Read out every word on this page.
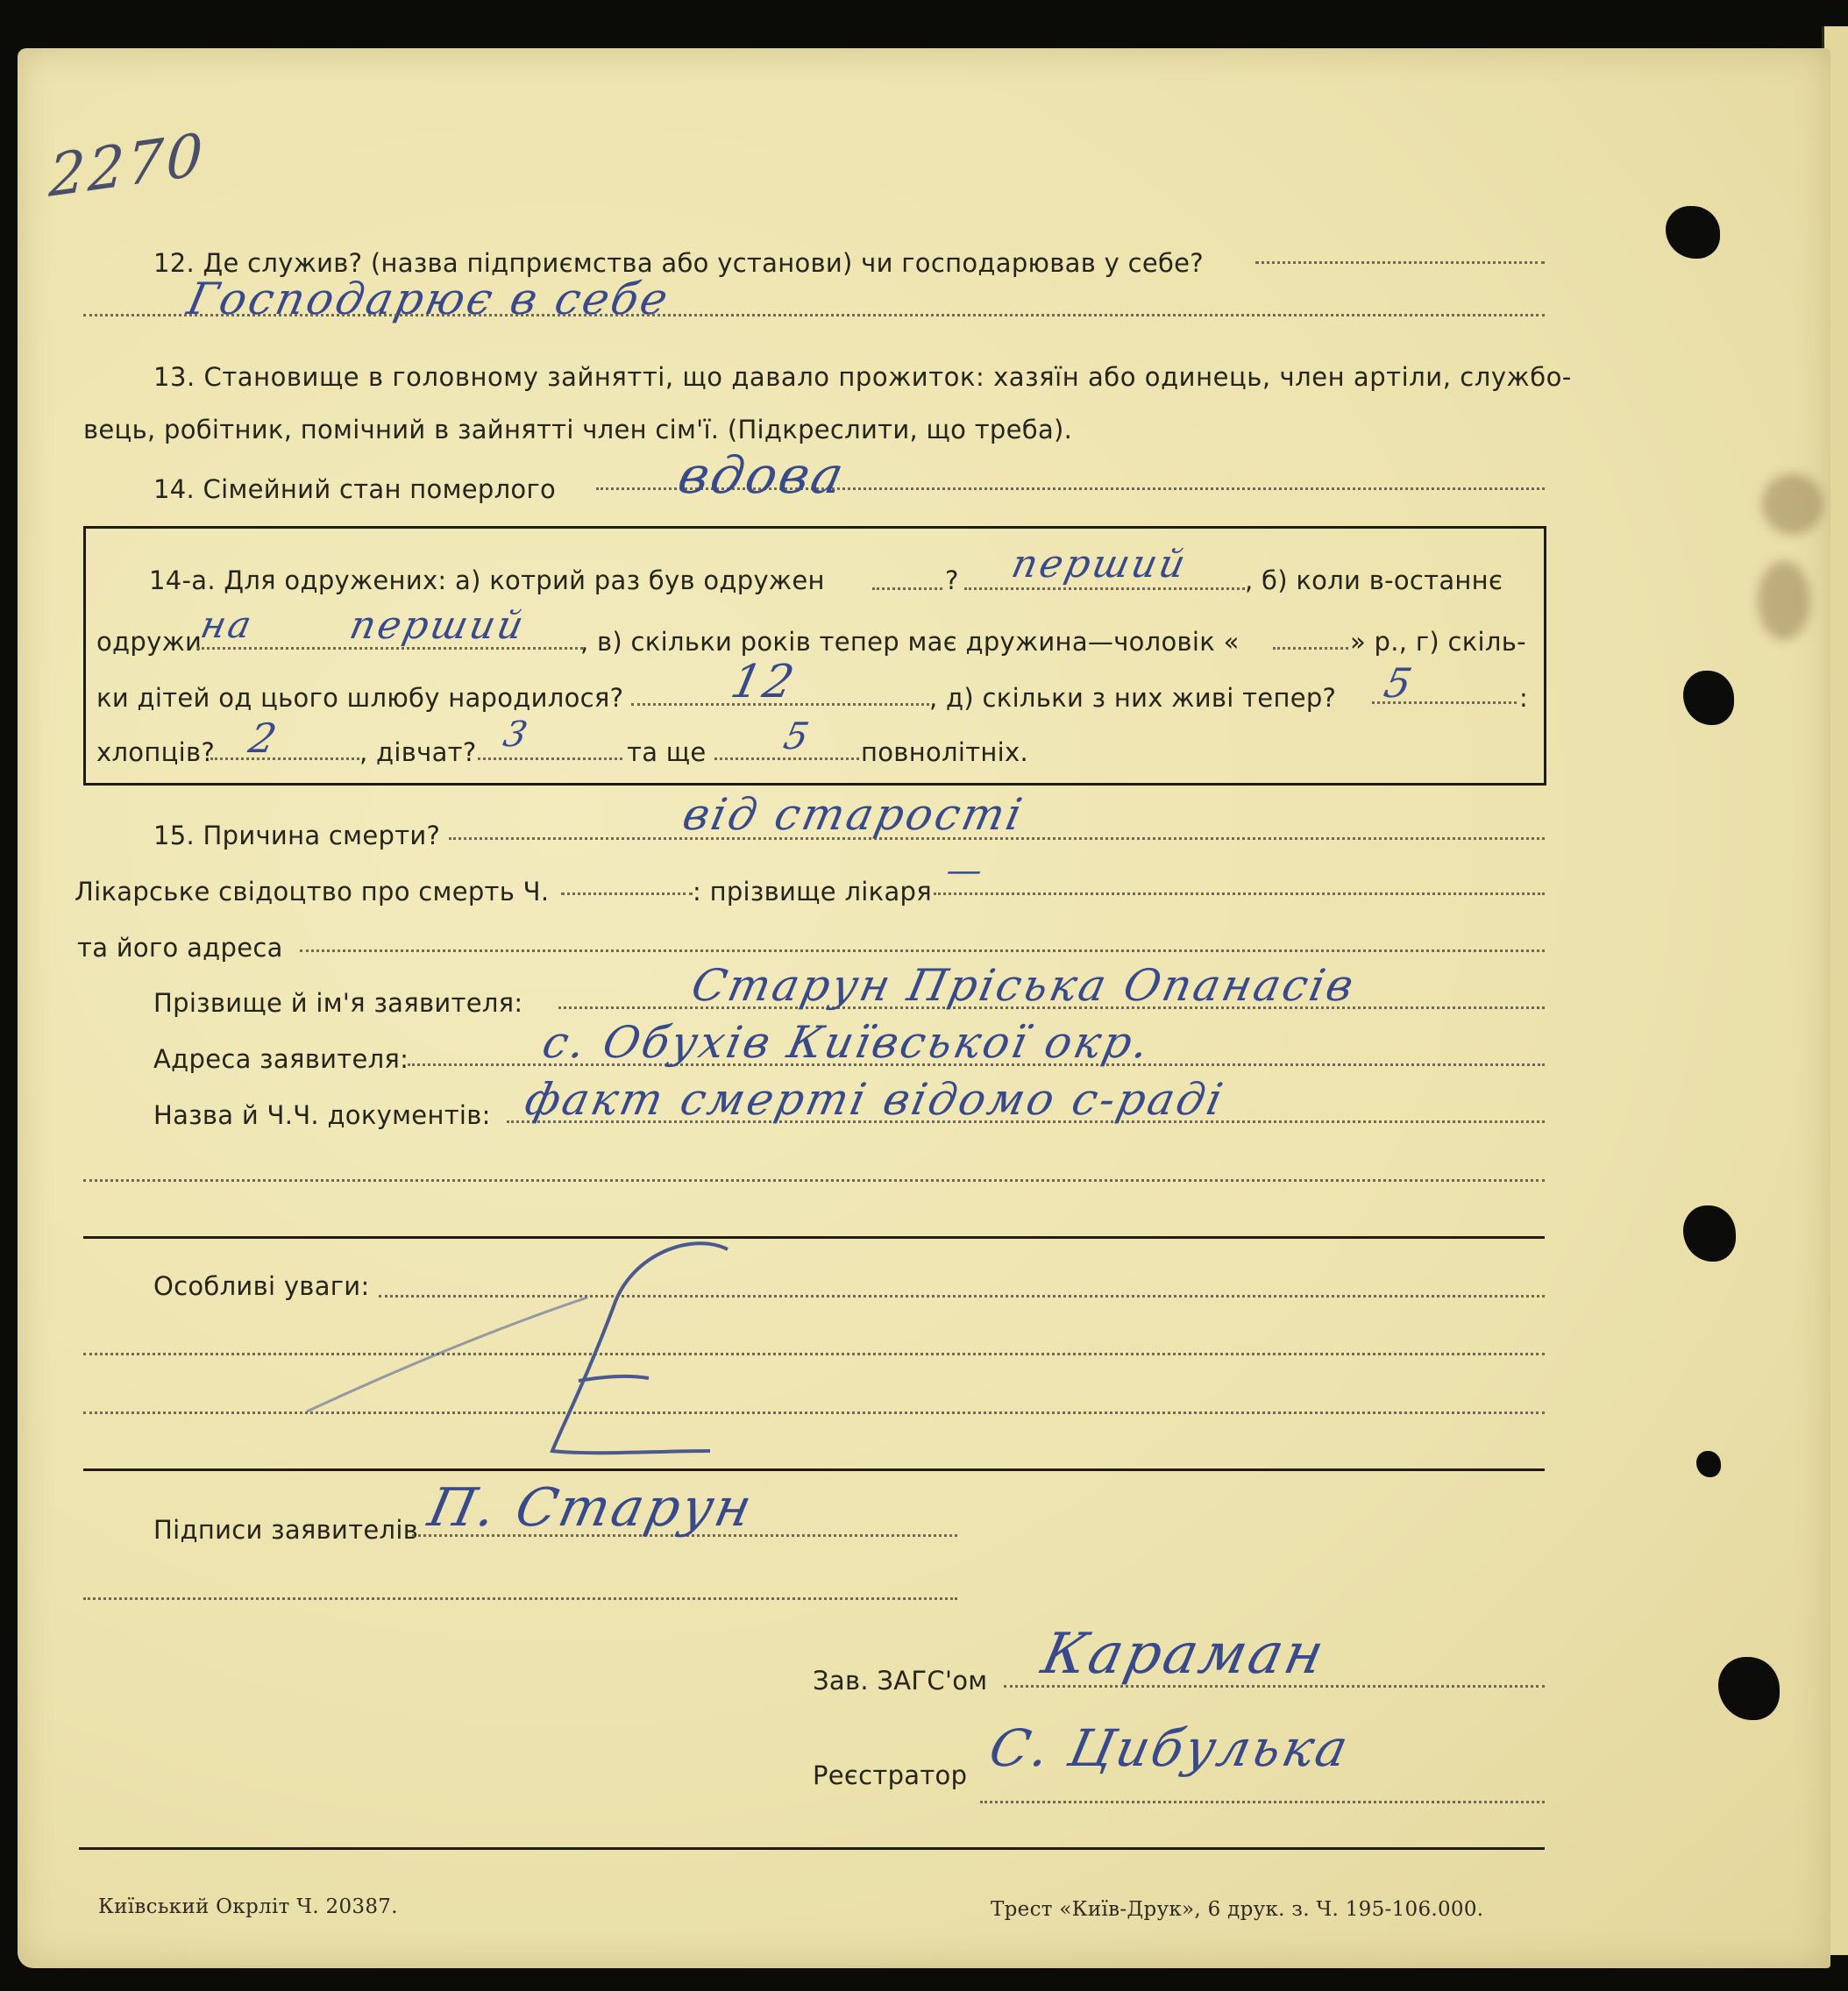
2270
12. Де служив? (назва підприємства або установи) чи господарював у себе?
Господарює в себе
13. Становище в головному зайнятті, що давало прожиток: хазяїн або одинець, член артіли, службо-
вець, робітник, помічний в зайнятті член сім'ї. (Підкреслити, що треба).
14. Сімейний стан померлого вдова
14-а. Для одружених: а) котрий раз був одружен	? перший , б) коли в-останнє
одружи
на перший , в) скільки років тепер має дружина—чоловік «	» р., г) скіль-
ки дітей од цього шлюбу народилося? 12	, д) скільки з них живі тепер? 5	:
хлопців? 2	, дівчат? 3	та ще 5 повнолітніх.
15. Причина смерти?	від старості
Лікарське свідоцтво про смерть Ч.	: прізвище лікаря
—
та його адреса
Прізвище й ім'я заявителя:	Старун Пріська Опанасів
Адреса заявителя:	с. Обухів Київської окр.
Назва й Ч.Ч. документів: факт смерті відомо с-раді
Особливі уваги:
Підписи заявителів П. Старун
Зав. ЗАГС'ом Караман
Реєстратор С. Цибулька
Київський Окрліт Ч. 20387.	Трест «Київ-Друк», 6 друк. з. Ч. 195-106.000.
